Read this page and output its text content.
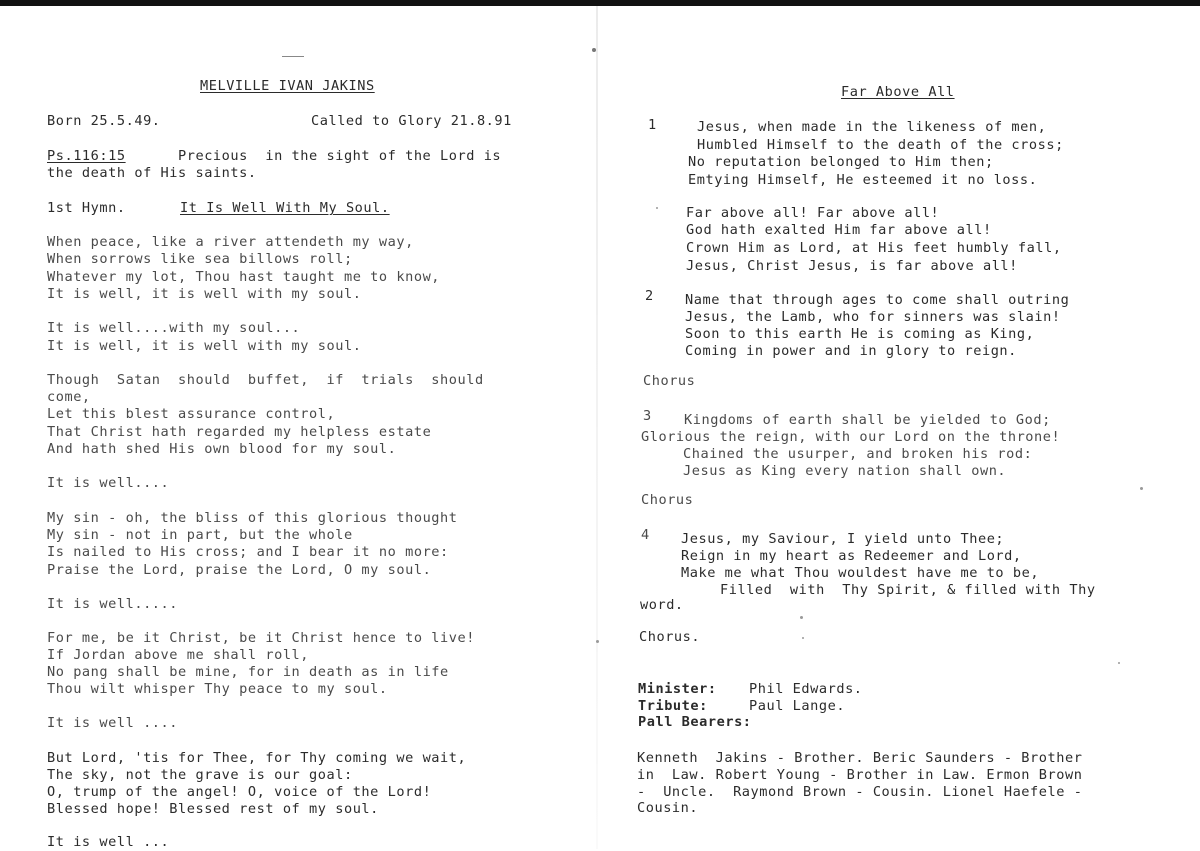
MELVILLE IVAN JAKINS
Born 25.5.49.	Called to Glory 21.8.91
Ps.116:15	Precious  in the sight of the Lord is
the death of His saints.
1st Hymn.	It Is Well With My Soul.
When peace, like a river attendeth my way,
When sorrows like sea billows roll;
Whatever my lot, Thou hast taught me to know,
It is well, it is well with my soul.
It is well....with my soul...
It is well, it is well with my soul.
Though  Satan  should  buffet,  if  trials  should
come,
Let this blest assurance control,
That Christ hath regarded my helpless estate
And hath shed His own blood for my soul.
It is well....
My sin - oh, the bliss of this glorious thought
My sin - not in part, but the whole
Is nailed to His cross; and I bear it no more:
Praise the Lord, praise the Lord, O my soul.
It is well.....
For me, be it Christ, be it Christ hence to live!
If Jordan above me shall roll,
No pang shall be mine, for in death as in life
Thou wilt whisper Thy peace to my soul.
It is well ....
But Lord, 'tis for Thee, for Thy coming we wait,
The sky, not the grave is our goal:
O, trump of the angel! O, voice of the Lord!
Blessed hope! Blessed rest of my soul.
It is well ...
Far Above All
1	Jesus, when made in the likeness of men,
Humbled Himself to the death of the cross;
No reputation belonged to Him then;
Emtying Himself, He esteemed it no loss.
Far above all! Far above all!
God hath exalted Him far above all!
Crown Him as Lord, at His feet humbly fall,
Jesus, Christ Jesus, is far above all!
2 Name that through ages to come shall outring
Jesus, the Lamb, who for sinners was slain!
Soon to this earth He is coming as King,
Coming in power and in glory to reign.
Chorus
3 Kingdoms of earth shall be yielded to God;
Glorious the reign, with our Lord on the throne!
Chained the usurper, and broken his rod:
Jesus as King every nation shall own.
Chorus
4 Jesus, my Saviour, I yield unto Thee;
Reign in my heart as Redeemer and Lord,
Make me what Thou wouldest have me to be,
Filled  with  Thy Spirit, & filled with Thy
word.
Chorus.
Minister: Phil Edwards.
Tribute:	Paul Lange.
Pall Bearers:
Kenneth  Jakins - Brother. Beric Saunders - Brother
in  Law. Robert Young - Brother in Law. Ermon Brown
-  Uncle.  Raymond Brown - Cousin. Lionel Haefele -
Cousin.
